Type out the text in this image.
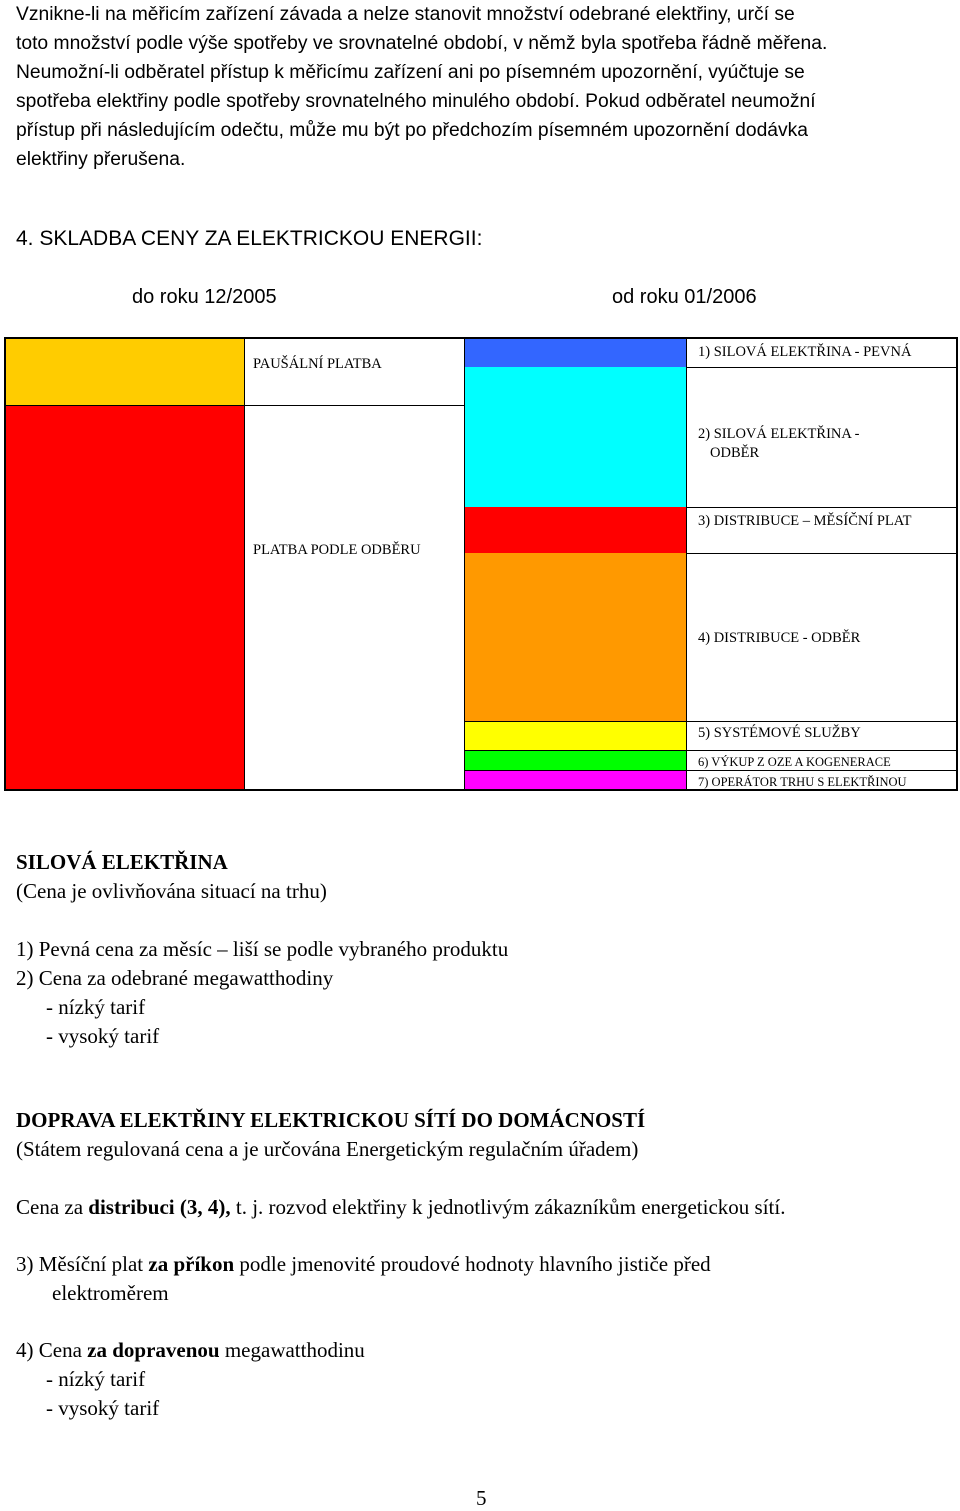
Vznikne-li na měřicím zařízení závada a nelze stanovit množství odebrané elektřiny, určí se

toto množství podle výše spotřeby ve srovnatelné období, v němž byla spotřeba řádně měřena.

Neumožní-li odběratel přístup k měřicímu zařízení ani po písemném upozornění, vyúčtuje se

spotřeba elektřiny podle spotřeby srovnatelného minulého období. Pokud odběratel neumožní

přístup při následujícím odečtu, může mu být po předchozím písemném upozornění dodávka

elektřiny přerušena.

4. SKLADBA CENY ZA ELEKTRICKOU ENERGII:
do roku 12/2005	od roku 01/2006
PAUŠÁLNÍ PLATBA
PLATBA PODLE ODBĚRU
1) SILOVÁ ELEKTŘINA - PEVNÁ
2) SILOVÁ ELEKTŘINA -
ODBĚR
3) DISTRIBUCE – MĚSÍČNÍ PLAT
4) DISTRIBUCE - ODBĚR
5) SYSTÉMOVÉ SLUŽBY
6) VÝKUP Z OZE A KOGENERACE
7) OPERÁTOR TRHU S ELEKTŘINOU

SILOVÁ ELEKTŘINA

(Cena je ovlivňována situací na trhu)

1) Pevná cena za měsíc – liší se podle vybraného produktu

2) Cena za odebrané megawatthodiny

- nízký tarif

- vysoký tarif

DOPRAVA ELEKTŘINY ELEKTRICKOU SÍTÍ DO DOMÁCNOSTÍ

(Státem regulovaná cena a je určována Energetickým regulačním úřadem)

Cena za distribuci (3, 4), t. j. rozvod elektřiny k jednotlivým zákazníkům energetickou sítí.

3) Měsíční plat za příkon podle jmenovité proudové hodnoty hlavního jističe před

elektroměrem

4) Cena za dopravenou megawatthodinu

- nízký tarif

- vysoký tarif

5
